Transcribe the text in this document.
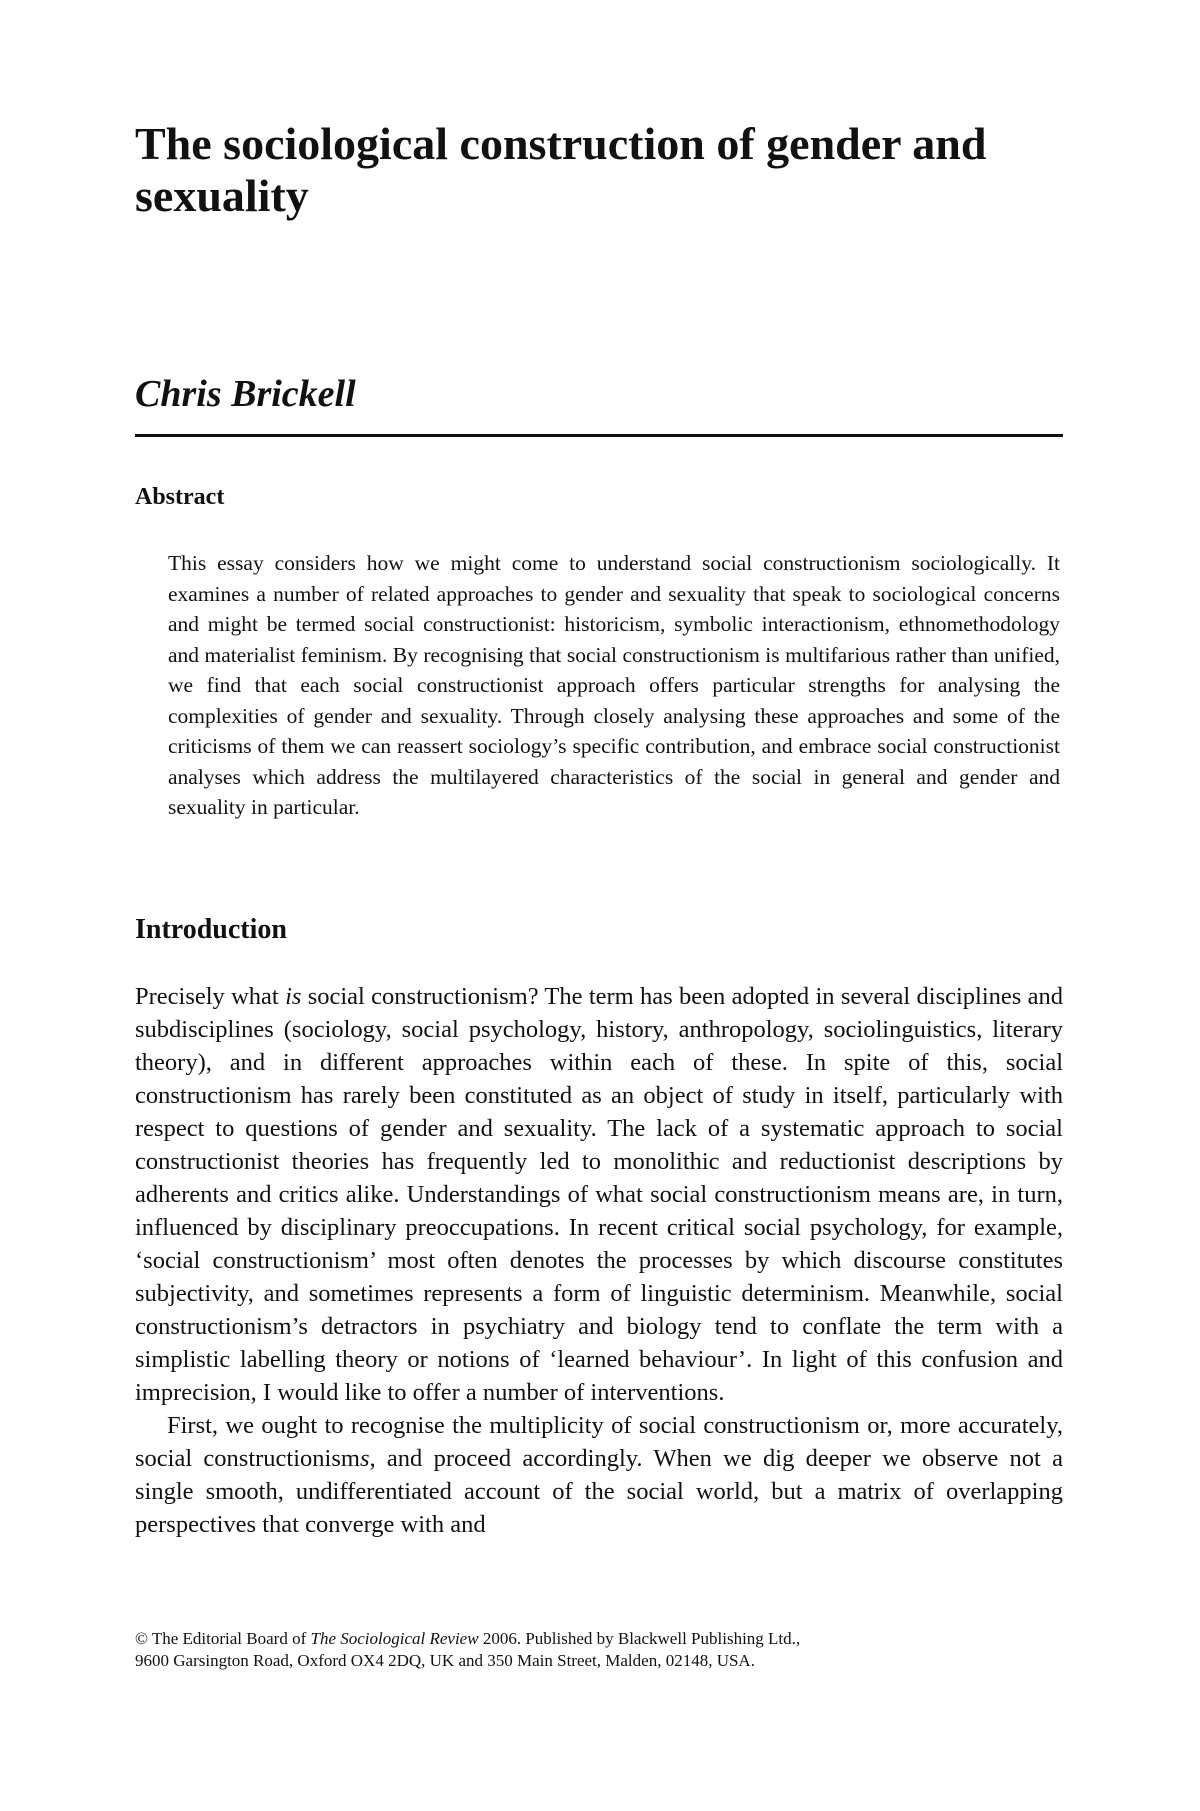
The sociological construction of gender and sexuality
Chris Brickell
Abstract

This essay considers how we might come to understand social constructionism sociologically. It examines a number of related approaches to gender and sexuality that speak to sociological concerns and might be termed social constructionist: historicism, symbolic interactionism, ethnomethodology and materialist feminism. By recognising that social constructionism is multifarious rather than unified, we find that each social constructionist approach offers particular strengths for analysing the complexities of gender and sexuality. Through closely analysing these approaches and some of the criticisms of them we can reassert sociology’s specific contribution, and embrace social constructionist analyses which address the multilayered characteristics of the social in general and gender and sexuality in particular.

Introduction

Precisely what is social constructionism? The term has been adopted in several disciplines and subdisciplines (sociology, social psychology, history, anthropology, sociolinguistics, literary theory), and in different approaches within each of these. In spite of this, social constructionism has rarely been constituted as an object of study in itself, particularly with respect to questions of gender and sexuality. The lack of a systematic approach to social constructionist theories has frequently led to monolithic and reductionist descriptions by adherents and critics alike. Understandings of what social constructionism means are, in turn, influenced by disciplinary preoccupations. In recent critical social psychology, for example, ‘social constructionism’ most often denotes the processes by which discourse constitutes subjectivity, and sometimes represents a form of linguistic determinism. Meanwhile, social constructionism’s detractors in psychiatry and biology tend to conflate the term with a simplistic labelling theory or notions of ‘learned behaviour’. In light of this confusion and imprecision, I would like to offer a number of interventions.

First, we ought to recognise the multiplicity of social constructionism or, more accurately, social constructionisms, and proceed accordingly. When we dig deeper we observe not a single smooth, undifferentiated account of the social world, but a matrix of overlapping perspectives that converge with and

© The Editorial Board of The Sociological Review 2006. Published by Blackwell Publishing Ltd.,
9600 Garsington Road, Oxford OX4 2DQ, UK and 350 Main Street, Malden, 02148, USA.
